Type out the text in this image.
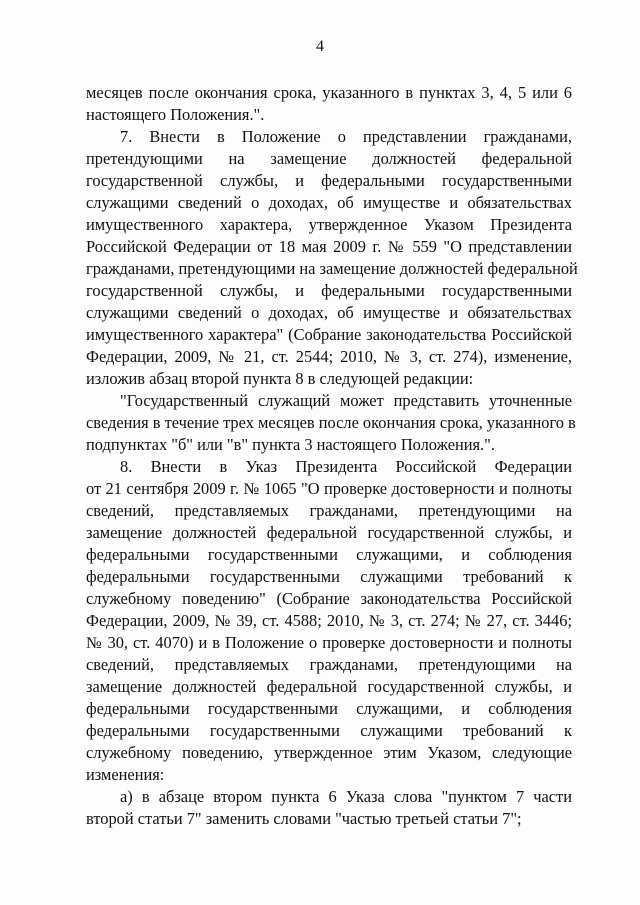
4
месяцев после окончания срока, указанного в пунктах 3, 4, 5 или 6
настоящего Положения.".
7. Внести в Положение о представлении гражданами,
претендующими на замещение должностей федеральной
государственной службы, и федеральными государственными
служащими сведений о доходах, об имуществе и обязательствах
имущественного характера, утвержденное Указом Президента
Российской Федерации от 18 мая 2009 г. № 559 "О представлении
гражданами, претендующими на замещение должностей федеральной
государственной службы, и федеральными государственными
служащими сведений о доходах, об имуществе и обязательствах
имущественного характера" (Собрание законодательства Российской
Федерации, 2009, № 21, ст. 2544; 2010, № 3, ст. 274), изменение,
изложив абзац второй пункта 8 в следующей редакции:
"Государственный служащий может представить уточненные
сведения в течение трех месяцев после окончания срока, указанного в
подпунктах "б" или "в" пункта 3 настоящего Положения.".
8. Внести в Указ Президента Российской Федерации
от 21 сентября 2009 г. № 1065 "О проверке достоверности и полноты
сведений, представляемых гражданами, претендующими на
замещение должностей федеральной государственной службы, и
федеральными государственными служащими, и соблюдения
федеральными государственными служащими требований к
служебному поведению" (Собрание законодательства Российской
Федерации, 2009, № 39, ст. 4588; 2010, № 3, ст. 274; № 27, ст. 3446;
№ 30, ст. 4070) и в Положение о проверке достоверности и полноты
сведений, представляемых гражданами, претендующими на
замещение должностей федеральной государственной службы, и
федеральными государственными служащими, и соблюдения
федеральными государственными служащими требований к
служебному поведению, утвержденное этим Указом, следующие
изменения:
а) в абзаце втором пункта 6 Указа слова "пунктом 7 части
второй статьи 7" заменить словами "частью третьей статьи 7";
